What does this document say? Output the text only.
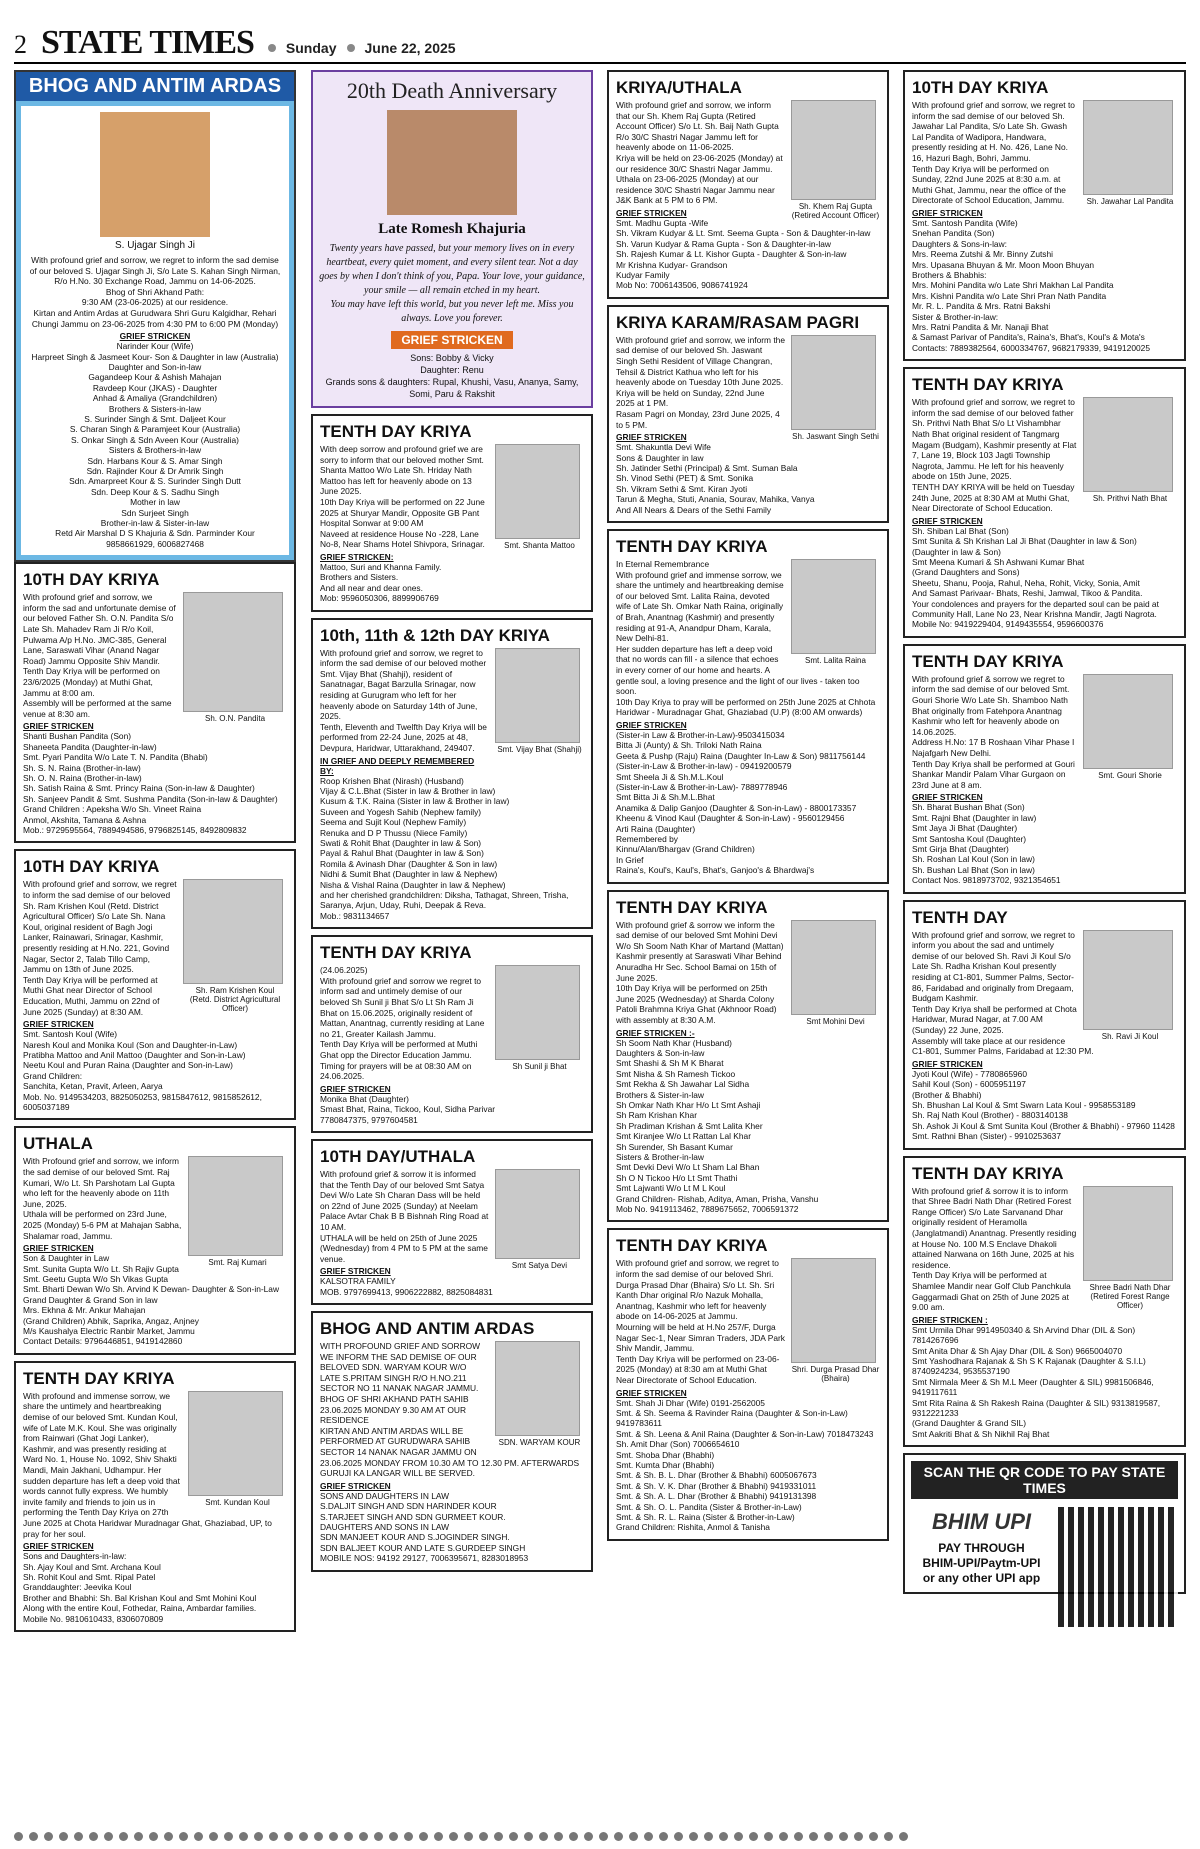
2 STATE TIMES Sunday June 22, 2025
BHOG AND ANTIM ARDAS
S. Ujagar Singh Ji
With profound grief and sorrow, we regret to inform the sad demise of our beloved S. Ujagar Singh Ji, S/o Late S. Kahan Singh Nirman, R/o H.No. 30 Exchange Road, Jammu on 14-06-2025.
Bhog of Shri Akhand Path:
9:30 AM (23-06-2025) at our residence.
Kirtan and Antim Ardas at Gurudwara Shri Guru Kalgidhar, Rehari Chungi Jammu on 23-06-2025 from 4:30 PM to 6:00 PM (Monday)
GRIEF STRICKEN
Narinder Kour (Wife)
Harpreet Singh & Jasmeet Kour- Son & Daughter in law (Australia)
Daughter and Son-in-law
Gagandeep Kour & Ashish Mahajan
Ravdeep Kour (JKAS) - Daughter
Anhad & Amaliya (Grandchildren)
Brothers & Sisters-in-law
S. Surinder Singh & Smt. Daljeet Kour
S. Charan Singh & Paramjeet Kour (Australia)
S. Onkar Singh & Sdn Aveen Kour (Australia)
Sisters & Brothers-in-law
Sdn. Harbans Kour & S. Amar Singh
Sdn. Rajinder Kour & Dr Amrik Singh
Sdn. Amarpreet Kour & S. Surinder Singh Dutt
Sdn. Deep Kour & S. Sadhu Singh
Mother in law
Sdn Surjeet Singh
Brother-in-law & Sister-in-law
Retd Air Marshal D S Khajuria & Sdn. Parminder Kour
9858661929, 6006827468
10TH DAY KRIYA
Sh. O.N. Pandita
With profound grief and sorrow, we inform the sad and unfortunate demise of our beloved Father Sh. O.N. Pandita S/o Late Sh. Mahadev Ram Ji R/o Koil, Pulwama A/p H.No. JMC-385, General Lane, Saraswati Vihar (Anand Nagar Road) Jammu Opposite Shiv Mandir.
Tenth Day Kriya will be performed on 23/6/2025 (Monday) at Muthi Ghat, Jammu at 8:00 am.
Assembly will be performed at the same venue at 8:30 am.
GRIEF STRICKEN
Shanti Bushan Pandita (Son)
Shaneeta Pandita (Daughter-in-law)
Smt. Pyari Pandita W/o Late T. N. Pandita (Bhabi)
Sh. S. N. Raina (Brother-in-law)
Sh. O. N. Raina (Brother-in-law)
Sh. Satish Raina & Smt. Princy Raina (Son-in-law & Daughter)
Sh. Sanjeev Pandit & Smt. Sushma Pandita (Son-in-law & Daughter)
Grand Children : Apeksha W/o Sh. Vineet Raina
Anmol, Akshita, Tamana & Ashna
Mob.: 9729595564, 7889494586, 9796825145, 8492809832
10TH DAY KRIYA
Sh. Ram Krishen Koul
(Retd. District Agricultural Officer)
With profound grief and sorrow, we regret to inform the sad demise of our beloved Sh. Ram Krishen Koul (Retd. District Agricultural Officer) S/o Late Sh. Nana Koul, original resident of Bagh Jogi Lanker, Rainawari, Srinagar, Kashmir, presently residing at H.No. 221, Govind Nagar, Sector 2, Talab Tillo Camp, Jammu on 13th of June 2025.
Tenth Day Kriya will be performed at Muthi Ghat near Director of School Education, Muthi, Jammu on 22nd of June 2025 (Sunday) at 8:30 AM.
GRIEF STRICKEN
Smt. Santosh Koul (Wife)
Naresh Koul and Monika Koul (Son and Daughter-in-Law)
Pratibha Mattoo and Anil Mattoo (Daughter and Son-in-Law)
Neetu Koul and Puran Raina (Daughter and Son-in-Law)
Grand Children:
Sanchita, Ketan, Pravit, Arleen, Aarya
Mob. No. 9149534203, 8825050253, 9815847612, 9815852612, 6005037189
UTHALA
Smt. Raj Kumari
With Profound grief and sorrow, we inform the sad demise of our beloved Smt. Raj Kumari, W/o Lt. Sh Parshotam Lal Gupta who left for the heavenly abode on 11th June, 2025.
Uthala will be performed on 23rd June, 2025 (Monday) 5-6 PM at Mahajan Sabha, Shalamar road, Jammu.
GRIEF STRICKEN
Son & Daughter in Law
Smt. Sunita Gupta W/o Lt. Sh Rajiv Gupta
Smt. Geetu Gupta W/o Sh Vikas Gupta
Smt. Bharti Dewan W/o Sh. Arvind K Dewan- Daughter & Son-in-Law
Grand Daughter & Grand Son in law
Mrs. Ekhna & Mr. Ankur Mahajan
(Grand Children) Abhik, Saprika, Angaz, Anjney
M/s Kaushalya Electric Ranbir Market, Jammu
Contact Details: 9796446851, 9419142860
TENTH DAY KRIYA
Smt. Kundan Koul
With profound and immense sorrow, we share the untimely and heartbreaking demise of our beloved Smt. Kundan Koul, wife of Late M.K. Koul. She was originally from Rainwari (Ghat Jogi Lanker), Kashmir, and was presently residing at Ward No. 1, House No. 1092, Shiv Shakti Mandi, Main Jakhani, Udhampur. Her sudden departure has left a deep void that words cannot fully express. We humbly invite family and friends to join us in performing the Tenth Day Kriya on 27th June 2025 at Chota Haridwar Muradnagar Ghat, Ghaziabad, UP, to pray for her soul.
GRIEF STRICKEN
Sons and Daughters-in-law:
Sh. Ajay Koul and Smt. Archana Koul
Sh. Rohit Koul and Smt. Ripal Patel
Granddaughter: Jeevika Koul
Brother and Bhabhi: Sh. Bal Krishan Koul and Smt Mohini Koul
Along with the entire Koul, Fothedar, Raina, Ambardar families.
Mobile No. 9810610433, 8306070809
20th Death Anniversary
Late Romesh Khajuria
Twenty years have passed, but your memory lives on in every heartbeat, every quiet moment, and every silent tear. Not a day goes by when I don't think of you, Papa. Your love, your guidance, your smile — all remain etched in my heart.
You may have left this world, but you never left me. Miss you always. Love you forever.
GRIEF STRICKEN
Sons: Bobby & Vicky
Daughter: Renu
Grands sons & daughters: Rupal, Khushi, Vasu, Ananya, Samy, Somi, Paru & Rakshit
TENTH DAY KRIYA
Smt. Shanta Mattoo
With deep sorrow and profound grief we are sorry to inform that our beloved mother Smt. Shanta Mattoo W/o Late Sh. Hriday Nath Mattoo has left for heavenly abode on 13 June 2025.
10th Day Kriya will be performed on 22 June 2025 at Shuryar Mandir, Opposite GB Pant Hospital Sonwar at 9:00 AM
Naveed at residence House No -228, Lane No-8, Near Shams Hotel Shivpora, Srinagar.
GRIEF STRICKEN:
Mattoo, Suri and Khanna Family.
Brothers and Sisters.
And all near and dear ones.
Mob: 9596050306, 8899906769
10th, 11th & 12th DAY KRIYA
Smt. Vijay Bhat (Shahji)
With profound grief and sorrow, we regret to inform the sad demise of our beloved mother Smt. Vijay Bhat (Shahji), resident of Sanatnagar, Bagat Barzulla Srinagar, now residing at Gurugram who left for her heavenly abode on Saturday 14th of June, 2025.
Tenth, Eleventh and Twelfth Day Kriya will be performed from 22-24 June, 2025 at 48, Devpura, Haridwar, Uttarakhand, 249407.
IN GRIEF AND DEEPLY REMEMBERED BY:
Roop Krishen Bhat (Nirash) (Husband)
Vijay & C.L.Bhat (Sister in law & Brother in law)
Kusum & T.K. Raina (Sister in law & Brother in law)
Suveen and Yogesh Sahib (Nephew family)
Seema and Sujit Koul (Nephew Family)
Renuka and D P Thussu (Niece Family)
Swati & Rohit Bhat (Daughter in law & Son)
Payal & Rahul Bhat (Daughter in law & Son)
Romila & Avinash Dhar (Daughter & Son in law)
Nidhi & Sumit Bhat (Daughter in law & Nephew)
Nisha & Vishal Raina (Daughter in law & Nephew)
and her cherished grandchildren: Diksha, Tathagat, Shreen, Trisha, Saranya, Arjun, Uday, Ruhi, Deepak & Reva.
Mob.: 9831134657
TENTH DAY KRIYA
Sh Sunil ji Bhat
(24.06.2025)
With profound grief and sorrow we regret to inform sad and untimely demise of our beloved Sh Sunil ji Bhat S/o Lt Sh Ram Ji Bhat on 15.06.2025, originally resident of Mattan, Anantnag, currently residing at Lane no 21, Greater Kailash Jammu.
Tenth Day Kriya will be performed at Muthi Ghat opp the Director Education Jammu.
Timing for prayers will be at 08:30 AM on 24.06.2025.
GRIEF STRICKEN
Monika Bhat (Daughter)
Smast Bhat, Raina, Tickoo, Koul, Sidha Parivar
7780847375, 9797604581
10TH DAY/UTHALA
Smt Satya Devi
With profound grief & sorrow it is informed that the Tenth Day of our beloved Smt Satya Devi W/o Late Sh Charan Dass will be held on 22nd of June 2025 (Sunday) at Neelam Palace Avtar Chak B B Bishnah Ring Road at 10 AM.
UTHALA will be held on 25th of June 2025 (Wednesday) from 4 PM to 5 PM at the same venue.
GRIEF STRICKEN
KALSOTRA FAMILY
MOB. 9797699413, 9906222882, 8825084831
BHOG AND ANTIM ARDAS
SDN. WARYAM KOUR
WITH PROFOUND GRIEF AND SORROW WE INFORM THE SAD DEMISE OF OUR BELOVED SDN. WARYAM KOUR W/O LATE S.PRITAM SINGH R/O H.NO.211 SECTOR NO 11 NANAK NAGAR JAMMU.
BHOG OF SHRI AKHAND PATH SAHIB 23.06.2025 MONDAY 9.30 AM AT OUR RESIDENCE
KIRTAN AND ANTIM ARDAS WILL BE PERFORMED AT GURUDWARA SAHIB SECTOR 14 NANAK NAGAR JAMMU ON 23.06.2025 MONDAY FROM 10.30 AM TO 12.30 PM. AFTERWARDS GURUJI KA LANGAR WILL BE SERVED.
GRIEF STRICKEN
SONS AND DAUGHTERS IN LAW
S.DALJIT SINGH AND SDN HARINDER KOUR
S.TARJEET SINGH AND SDN GURMEET KOUR.
DAUGHTERS AND SONS IN LAW
SDN MANJEET KOUR AND S.JOGINDER SINGH.
SDN BALJEET KOUR AND LATE S.GURDEEP SINGH
MOBILE NOS: 94192 29127, 7006395671, 8283018953
KRIYA/UTHALA
Sh. Khem Raj Gupta
(Retired Account Officer)
With profound grief and sorrow, we inform that our Sh. Khem Raj Gupta (Retired Account Officer) S/o Lt. Sh. Baij Nath Gupta R/o 30/C Shastri Nagar Jammu left for heavenly abode on 11-06-2025.
Kriya will be held on 23-06-2025 (Monday) at our residence 30/C Shastri Nagar Jammu.
Uthala on 23-06-2025 (Monday) at our residence 30/C Shastri Nagar Jammu near J&K Bank at 5 PM to 6 PM.
GRIEF STRICKEN
Smt. Madhu Gupta -Wife
Sh. Vikram Kudyar & Lt. Smt. Seema Gupta - Son & Daughter-in-law
Sh. Varun Kudyar & Rama Gupta - Son & Daughter-in-law
Sh. Rajesh Kumar & Lt. Kishor Gupta - Daughter & Son-in-law
Mr Krishna Kudyar- Grandson
Kudyar Family
Mob No: 7006143506, 9086741924
KRIYA KARAM/RASAM PAGRI
Sh. Jaswant Singh Sethi
With profound grief and sorrow, we inform the sad demise of our beloved Sh. Jaswant Singh Sethi Resident of Village Changran, Tehsil & District Kathua who left for his heavenly abode on Tuesday 10th June 2025.
Kriya will be held on Sunday, 22nd June 2025 at 1 PM.
Rasam Pagri on Monday, 23rd June 2025, 4 to 5 PM.
GRIEF STRICKEN
Smt. Shakuntla Devi Wife
Sons & Daughter in law
Sh. Jatinder Sethi (Principal) & Smt. Suman Bala
Sh. Vinod Sethi (PET) & Smt. Sonika
Sh. Vikram Sethi & Smt. Kiran Jyoti
Tarun & Megha, Stuti, Anania, Sourav, Mahika, Vanya
And All Nears & Dears of the Sethi Family
TENTH DAY KRIYA
Smt. Lalita Raina
In Eternal Remembrance
With profound grief and immense sorrow, we share the untimely and heartbreaking demise of our beloved Smt. Lalita Raina, devoted wife of Late Sh. Omkar Nath Raina, originally of Brah, Anantnag (Kashmir) and presently residing at 91-A, Anandpur Dham, Karala, New Delhi-81.
Her sudden departure has left a deep void that no words can fill - a silence that echoes in every corner of our home and hearts. A gentle soul, a loving presence and the light of our lives - taken too soon.
10th Day Kriya to pray will be performed on 25th June 2025 at Chhota Haridwar - Muradnagar Ghat, Ghaziabad (U.P) (8:00 AM onwards)
GRIEF STRICKEN
(Sister-in Law & Brother-in-Law)-9503415034
Bitta Ji (Aunty) & Sh. Triloki Nath Raina
Geeta & Pushp (Raju) Raina (Daughter In-Law & Son) 9811756144
(Sister-in-Law & Brother-in-law) - 09419200579
Smt Sheela Ji & Sh.M.L.Koul
(Sister-in-Law & Brother-in-Law)- 7889778946
Smt Bitta Ji & Sh.M.L.Bhat
Anamika & Dalip Ganjoo (Daughter & Son-in-Law) - 8800173357
Kheenu & Vinod Kaul (Daughter & Son-in-Law) - 9560129456
Arti Raina (Daughter)
Remembered by
Kinnu/Alan/Bhargav (Grand Children)
In Grief
Raina's, Koul's, Kaul's, Bhat's, Ganjoo's & Bhardwaj's
TENTH DAY KRIYA
Smt Mohini Devi
With profound grief & sorrow we inform the sad demise of our beloved Smt Mohini Devi W/o Sh Soom Nath Khar of Martand (Mattan) Kashmir presently at Saraswati Vihar Behind Anuradha Hr Sec. School Bamai on 15th of June 2025.
10th Day Kriya will be performed on 25th June 2025 (Wednesday) at Sharda Colony Patoli Brahmna Kriya Ghat (Akhnoor Road) with assembly at 8:30 A.M.
GRIEF STRICKEN :-
Sh Soom Nath Khar (Husband)
Daughters & Son-in-law
Smt Shashi & Sh M K Bharat
Smt Nisha & Sh Ramesh Tickoo
Smt Rekha & Sh Jawahar Lal Sidha
Brothers & Sister-in-law
Sh Omkar Nath Khar H/o Lt Smt Ashaji
Sh Ram Krishan Khar
Sh Pradiman Krishan & Smt Lalita Kher
Smt Kiranjee W/o Lt Rattan Lal Khar
Sh Surender, Sh Basant Kumar
Sisters & Brother-in-law
Smt Devki Devi W/o Lt Sham Lal Bhan
Sh O N Tickoo H/o Lt Smt Thathi
Smt Lajwanti W/o Lt M L Koul
Grand Children- Rishab, Aditya, Aman, Prisha, Vanshu
Mob No. 9419113462, 7889675652, 7006591372
TENTH DAY KRIYA
Shri. Durga Prasad Dhar
(Bhaira)
With profound grief and sorrow, we regret to inform the sad demise of our beloved Shri. Durga Prasad Dhar (Bhaira) S/o Lt. Sh. Sri Kanth Dhar original R/o Nazuk Mohalla, Anantnag, Kashmir who left for heavenly abode on 14-06-2025 at Jammu.
Mourning will be held at H.No 257/F, Durga Nagar Sec-1, Near Simran Traders, JDA Park Shiv Mandir, Jammu.
Tenth Day Kriya will be performed on 23-06-2025 (Monday) at 8:30 am at Muthi Ghat Near Directorate of School Education.
GRIEF STRICKEN
Smt. Shah Ji Dhar (Wife) 0191-2562005
Smt. & Sh. Seema & Ravinder Raina (Daughter & Son-in-Law) 9419783611
Smt. & Sh. Leena & Anil Raina (Daughter & Son-in-Law) 7018473243
Sh. Amit Dhar (Son) 7006654610
Smt. Shoba Dhar (Bhabhi)
Smt. Kumta Dhar (Bhabhi)
Smt. & Sh. B. L. Dhar (Brother & Bhabhi) 6005067673
Smt. & Sh. V. K. Dhar (Brother & Bhabhi) 9419331011
Smt. & Sh. A. L. Dhar (Brother & Bhabhi) 9419131398
Smt. & Sh. O. L. Pandita (Sister & Brother-in-Law)
Smt. & Sh. R. L. Raina (Sister & Brother-in-Law)
Grand Children: Rishita, Anmol & Tanisha
10TH DAY KRIYA
Sh. Jawahar Lal Pandita
With profound grief and sorrow, we regret to inform the sad demise of our beloved Sh. Jawahar Lal Pandita, S/o Late Sh. Gwash Lal Pandita of Wadipora, Handwara, presently residing at H. No. 426, Lane No. 16, Hazuri Bagh, Bohri, Jammu.
Tenth Day Kriya will be performed on Sunday, 22nd June 2025 at 8:30 a.m. at Muthi Ghat, Jammu, near the office of the Directorate of School Education, Jammu.
GRIEF STRICKEN
Smt. Santosh Pandita (Wife)
Snehan Pandita (Son)
Daughters & Sons-in-law:
Mrs. Reema Zutshi & Mr. Binny Zutshi
Mrs. Upasana Bhuyan & Mr. Moon Moon Bhuyan
Brothers & Bhabhis:
Mrs. Mohini Pandita w/o Late Shri Makhan Lal Pandita
Mrs. Kishni Pandita w/o Late Shri Pran Nath Pandita
Mr. R. L. Pandita & Mrs. Ratni Bakshi
Sister & Brother-in-law:
Mrs. Ratni Pandita & Mr. Nanaji Bhat
& Samast Parivar of Pandita's, Raina's, Bhat's, Koul's & Mota's
Contacts: 7889382564, 6000334767, 9682179339, 9419120025
TENTH DAY KRIYA
Sh. Prithvi Nath Bhat
With profound grief and sorrow, we regret to inform the sad demise of our beloved father Sh. Prithvi Nath Bhat S/o Lt Vishambhar Nath Bhat original resident of Tangmarg Magam (Budgam), Kashmir presently at Flat 7, Lane 19, Block 103 Jagti Township Nagrota, Jammu. He left for his heavenly abode on 15th June, 2025.
TENTH DAY KRIYA will be held on Tuesday 24th June, 2025 at 8:30 AM at Muthi Ghat, Near Directorate of School Education.
GRIEF STRICKEN
Sh. Shiban Lal Bhat (Son)
Smt Sunita & Sh Krishan Lal Ji Bhat (Daughter in law & Son)
(Daughter in law & Son)
Smt Meena Kumari & Sh Ashwani Kumar Bhat
(Grand Daughters and Sons)
Sheetu, Shanu, Pooja, Rahul, Neha, Rohit, Vicky, Sonia, Amit
And Samast Parivaar- Bhats, Reshi, Jamwal, Tikoo & Pandita.
Your condolences and prayers for the departed soul can be paid at Community Hall, Lane No 23, Near Krishna Mandir, Jagti Nagrota.
Mobile No: 9419229404, 9149435554, 9596600376
TENTH DAY KRIYA
Smt. Gouri Shorie
With profound grief & sorrow we regret to inform the sad demise of our beloved Smt. Gouri Shorie W/o Late Sh. Shamboo Nath Bhat originally from Fatehpora Anantnag Kashmir who left for heavenly abode on 14.06.2025.
Address H.No: 17 B Roshaan Vihar Phase I Najafgarh New Delhi.
Tenth Day Kriya shall be performed at Gouri Shankar Mandir Palam Vihar Gurgaon on 23rd June at 8 am.
GRIEF STRICKEN
Sh. Bharat Bushan Bhat (Son)
Smt. Rajni Bhat (Daughter in law)
Smt Jaya Ji Bhat (Daughter)
Smt Santosha Koul (Daughter)
Smt Girja Bhat (Daughter)
Sh. Roshan Lal Koul (Son in law)
Sh. Bushan Lal Bhat (Son in law)
Contact Nos. 9818973702, 9321354651
TENTH DAY
Sh. Ravi Ji Koul
With profound grief and sorrow, we regret to inform you about the sad and untimely demise of our beloved Sh. Ravi Ji Koul S/o Late Sh. Radha Krishan Koul presently residing at C1-801, Summer Palms, Sector-86, Faridabad and originally from Dregaam, Budgam Kashmir.
Tenth Day Kriya shall be performed at Chota Haridwar, Murad Nagar, at 7.00 AM (Sunday) 22 June, 2025.
Assembly will take place at our residence C1-801, Summer Palms, Faridabad at 12:30 PM.
GRIEF STRICKEN
Jyoti Koul (Wife) - 7780865960
Sahil Koul (Son) - 6005951197
(Brother & Bhabhi)
Sh. Bhushan Lal Koul & Smt Swarn Lata Koul - 9958553189
Sh. Raj Nath Koul (Brother) - 8803140138
Sh. Ashok Ji Koul & Smt Sunita Koul (Brother & Bhabhi) - 97960 11428
Smt. Rathni Bhan (Sister) - 9910253637
TENTH DAY KRIYA
Shree Badri Nath Dhar
(Retired Forest Range Officer)
With profound grief & sorrow it is to inform that Shree Badri Nath Dhar (Retired Forest Range Officer) S/o Late Sarvanand Dhar originally resident of Heramolla (Janglatmandi) Anantnag. Presently residing at House No. 100 M.S Enclave Dhakoli attained Narwana on 16th June, 2025 at his residence.
Tenth Day Kriya will be performed at Shamlee Mandir near Golf Club Panchkula Gaggarmadi Ghat on 25th of June 2025 at 9.00 am.
GRIEF STRICKEN :
Smt Urmila Dhar 9914950340 & Sh Arvind Dhar (DIL & Son) 7814267696
Smt Anita Dhar & Sh Ajay Dhar (DIL & Son) 9665004070
Smt Yashodhara Rajanak & Sh S K Rajanak (Daughter & S.I.L) 8740924234, 9535537190
Smt Nirmala Meer & Sh M.L Meer (Daughter & SIL) 9981506846, 9419117611
Smt Rita Raina & Sh Rakesh Raina (Daughter & SIL) 9313819587, 9312221233
(Grand Daughter & Grand SIL)
Smt Aakriti Bhat & Sh Nikhil Raj Bhat
SCAN THE QR CODE TO PAY STATE TIMES
BHIM UPI
PAY THROUGH
BHIM-UPI/Paytm-UPI
or any other UPI app
